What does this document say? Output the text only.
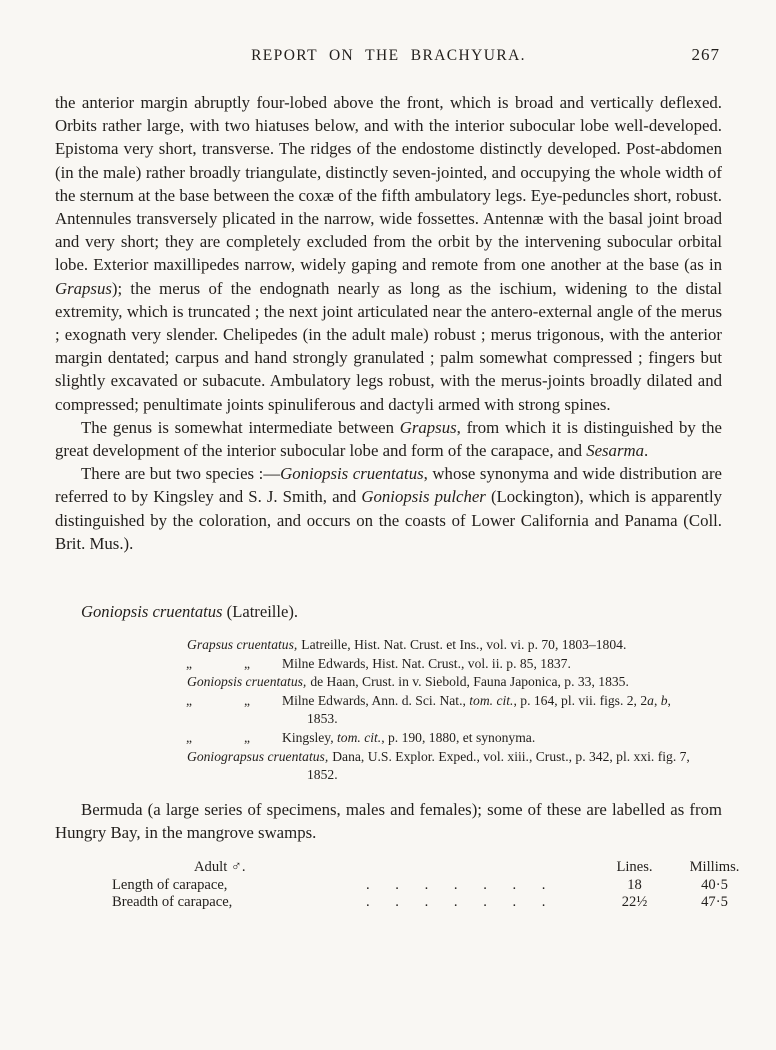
REPORT ON THE BRACHYURA.	267

the anterior margin abruptly four-lobed above the front, which is broad and vertically deflexed. Orbits rather large, with two hiatuses below, and with the interior subocular lobe well-developed. Epistoma very short, transverse. The ridges of the endostome distinctly developed. Post-abdomen (in the male) rather broadly triangulate, distinctly seven-jointed, and occupying the whole width of the sternum at the base between the coxæ of the fifth ambulatory legs. Eye-peduncles short, robust. Antennules transversely plicated in the narrow, wide fossettes. Antennæ with the basal joint broad and very short; they are completely excluded from the orbit by the intervening subocular orbital lobe. Exterior maxillipedes narrow, widely gaping and remote from one another at the base (as in Grapsus); the merus of the endognath nearly as long as the ischium, widening to the distal extremity, which is truncated ; the next joint articulated near the antero-external angle of the merus ; exognath very slender. Chelipedes (in the adult male) robust ; merus trigonous, with the anterior margin dentated; carpus and hand strongly granulated ; palm somewhat compressed ; fingers but slightly excavated or subacute. Ambulatory legs robust, with the merus-joints broadly dilated and compressed; penultimate joints spinuliferous and dactyli armed with strong spines.

The genus is somewhat intermediate between Grapsus, from which it is distinguished by the great development of the interior subocular lobe and form of the carapace, and Sesarma.

There are but two species :—Goniopsis cruentatus, whose synonyma and wide distribution are referred to by Kingsley and S. J. Smith, and Goniopsis pulcher (Lockington), which is apparently distinguished by the coloration, and occurs on the coasts of Lower California and Panama (Coll. Brit. Mus.).

Goniopsis cruentatus (Latreille).
Grapsus cruentatus, Latreille, Hist. Nat. Crust. et Ins., vol. vi. p. 70, 1803–1804.
„	„ Milne Edwards, Hist. Nat. Crust., vol. ii. p. 85, 1837.
Goniopsis cruentatus, de Haan, Crust. in v. Siebold, Fauna Japonica, p. 33, 1835.
„	„ Milne Edwards, Ann. d. Sci. Nat., tom. cit., p. 164, pl. vii. figs. 2, 2a, b,
1853.
„	„ Kingsley, tom. cit., p. 190, 1880, et synonyma.
Goniograpsus cruentatus, Dana, U.S. Explor. Exped., vol. xiii., Crust., p. 342, pl. xxi. fig. 7,
1852.

Bermuda (a large series of specimens, males and females); some of these are labelled as from Hungry Bay, in the mangrove swamps.

Adult ♂.	Lines.	Millims.
Length of carapace,	. . . . . . .	18	40·5
Breadth of carapace,	. . . . . . .	22½	47·5
